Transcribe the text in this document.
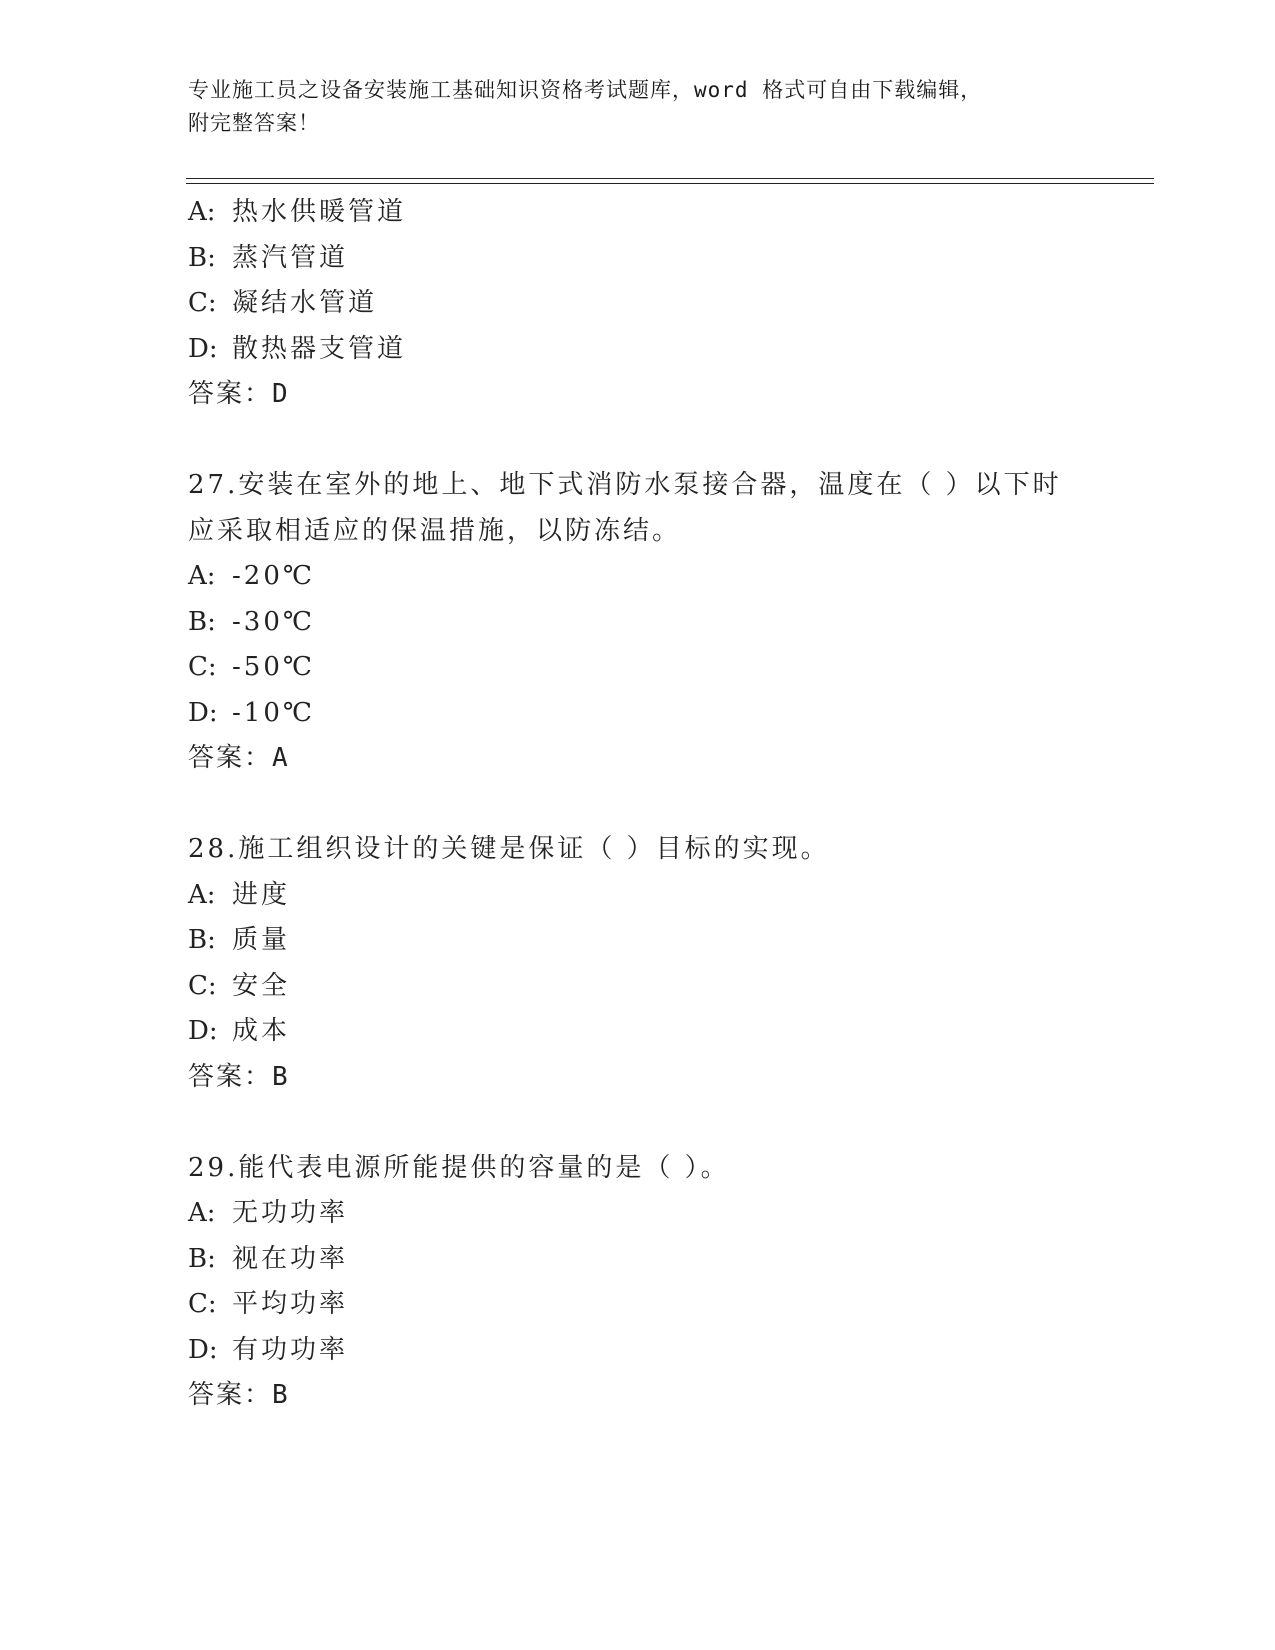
专业施工员之设备安装施工基础知识资格考试题库，word 格式可自由下载编辑，
附完整答案！
A: 热水供暖管道
B: 蒸汽管道
C: 凝结水管道
D: 散热器支管道
答案：D
27.安装在室外的地上、地下式消防水泵接合器，温度在（ ）以下时
应采取相适应的保温措施，以防冻结。
A: -20℃
B: -30℃
C: -50℃
D: -10℃
答案：A
28.施工组织设计的关键是保证（ ）目标的实现。
A: 进度
B: 质量
C: 安全
D: 成本
答案：B
29.能代表电源所能提供的容量的是（ ）。
A: 无功功率
B: 视在功率
C: 平均功率
D: 有功功率
答案：B
